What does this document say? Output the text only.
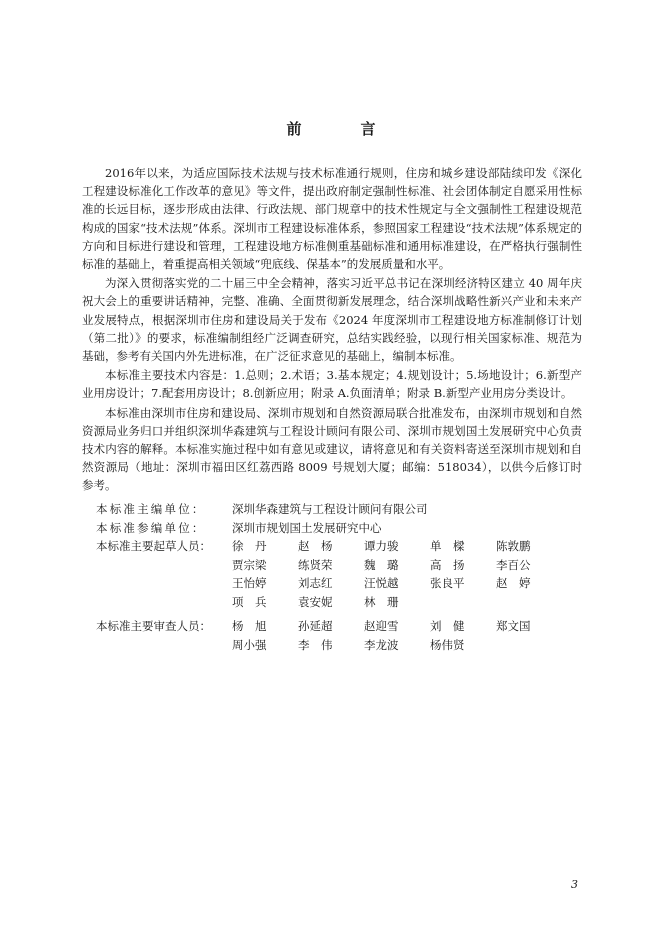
前　言

2016年以来，为适应国际技术法规与技术标准通行规则，住房和城乡建设部陆续印发《深化工程建设标准化工作改革的意见》等文件，提出政府制定强制性标准、社会团体制定自愿采用性标准的长远目标，逐步形成由法律、行政法规、部门规章中的技术性规定与全文强制性工程建设规范构成的国家“技术法规”体系。深圳市工程建设标准体系，参照国家工程建设“技术法规”体系规定的方向和目标进行建设和管理，工程建设地方标准侧重基础标准和通用标准建设，在严格执行强制性标准的基础上，着重提高相关领域“兜底线、保基本”的发展质量和水平。

为深入贯彻落实党的二十届三中全会精神，落实习近平总书记在深圳经济特区建立 40 周年庆祝大会上的重要讲话精神，完整、准确、全面贯彻新发展理念，结合深圳战略性新兴产业和未来产业发展特点，根据深圳市住房和建设局关于发布《2024 年度深圳市工程建设地方标准制修订计划（第二批）》的要求，标准编制组经广泛调查研究，总结实践经验，以现行相关国家标准、规范为基础，参考有关国内外先进标准，在广泛征求意见的基础上，编制本标准。

本标准主要技术内容是：1.总则；2.术语；3.基本规定；4.规划设计；5.场地设计；6.新型产业用房设计；7.配套用房设计；8.创新应用；附录 A.负面清单；附录 B.新型产业用房分类设计。

本标准由深圳市住房和建设局、深圳市规划和自然资源局联合批准发布，由深圳市规划和自然资源局业务归口并组织深圳华森建筑与工程设计顾问有限公司、深圳市规划国土发展研究中心负责技术内容的解释。本标准实施过程中如有意见或建议，请将意见和有关资料寄送至深圳市规划和自然资源局（地址：深圳市福田区红荔西路 8009 号规划大厦；邮编：518034），以供今后修订时参考。

本标准主编单位：	深圳华森建筑与工程设计顾问有限公司
本标准参编单位：	深圳市规划国土发展研究中心
本标准主要起草人员：	徐　丹	赵　杨	谭力骏	单　樑	陈敦鹏
贾宗梁	练贤荣	魏　璐	高　扬	李百公
王怡婷	刘志红	汪悦越	张良平	赵　婷
项　兵	袁安妮	林　珊
本标准主要审查人员：	杨　旭	孙延超	赵迎雪	刘　健	郑文国
周小强	李　伟	李龙波	杨伟贤
3
